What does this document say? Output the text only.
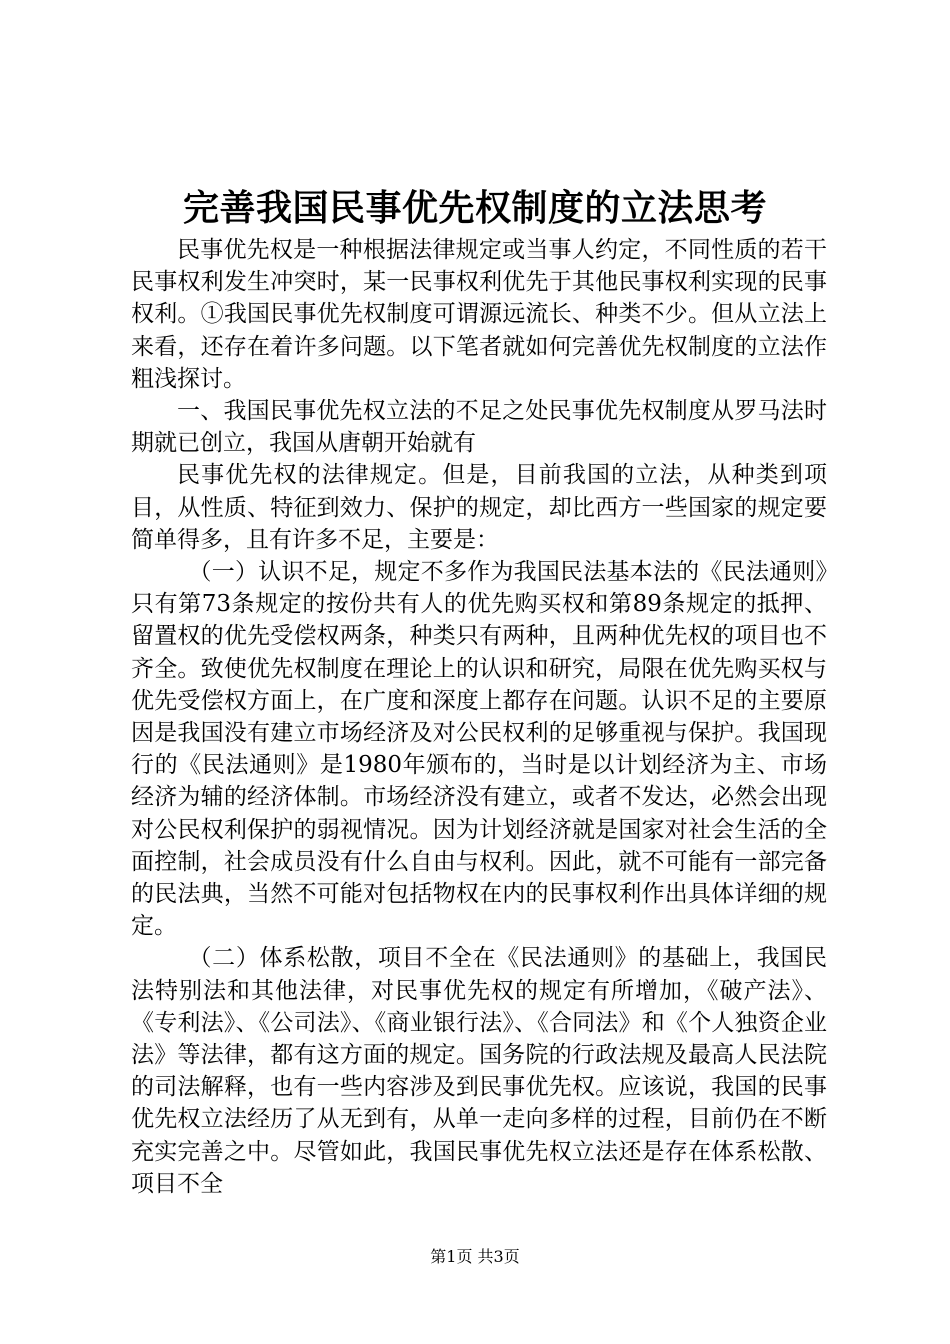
完善我国民事优先权制度的立法思考

民事优先权是一种根据法律规定或当事人约定，不同性质的若干民事权利发生冲突时，某一民事权利优先于其他民事权利实现的民事权利。①我国民事优先权制度可谓源远流长、种类不少。但从立法上来看，还存在着许多问题。以下笔者就如何完善优先权制度的立法作粗浅探讨。

一、我国民事优先权立法的不足之处民事优先权制度从罗马法时期就已创立，我国从唐朝开始就有

民事优先权的法律规定。但是，目前我国的立法，从种类到项目，从性质、特征到效力、保护的规定，却比西方一些国家的规定要简单得多，且有许多不足，主要是：

（一）认识不足，规定不多作为我国民法基本法的《民法通则》只有第73条规定的按份共有人的优先购买权和第89条规定的抵押、留置权的优先受偿权两条，种类只有两种，且两种优先权的项目也不齐全。致使优先权制度在理论上的认识和研究，局限在优先购买权与优先受偿权方面上，在广度和深度上都存在问题。认识不足的主要原因是我国没有建立市场经济及对公民权利的足够重视与保护。我国现行的《民法通则》是1980年颁布的，当时是以计划经济为主、市场经济为辅的经济体制。市场经济没有建立，或者不发达，必然会出现对公民权利保护的弱视情况。因为计划经济就是国家对社会生活的全面控制，社会成员没有什么自由与权利。因此，就不可能有一部完备的民法典，当然不可能对包括物权在内的民事权利作出具体详细的规定。

（二）体系松散，项目不全在《民法通则》的基础上，我国民法特别法和其他法律，对民事优先权的规定有所增加，《破产法》、《专利法》、《公司法》、《商业银行法》、《合同法》和《个人独资企业法》等法律，都有这方面的规定。国务院的行政法规及最高人民法院的司法解释，也有一些内容涉及到民事优先权。应该说，我国的民事优先权立法经历了从无到有，从单一走向多样的过程，目前仍在不断充实完善之中。尽管如此，我国民事优先权立法还是存在体系松散、项目不全

第1页 共3页
